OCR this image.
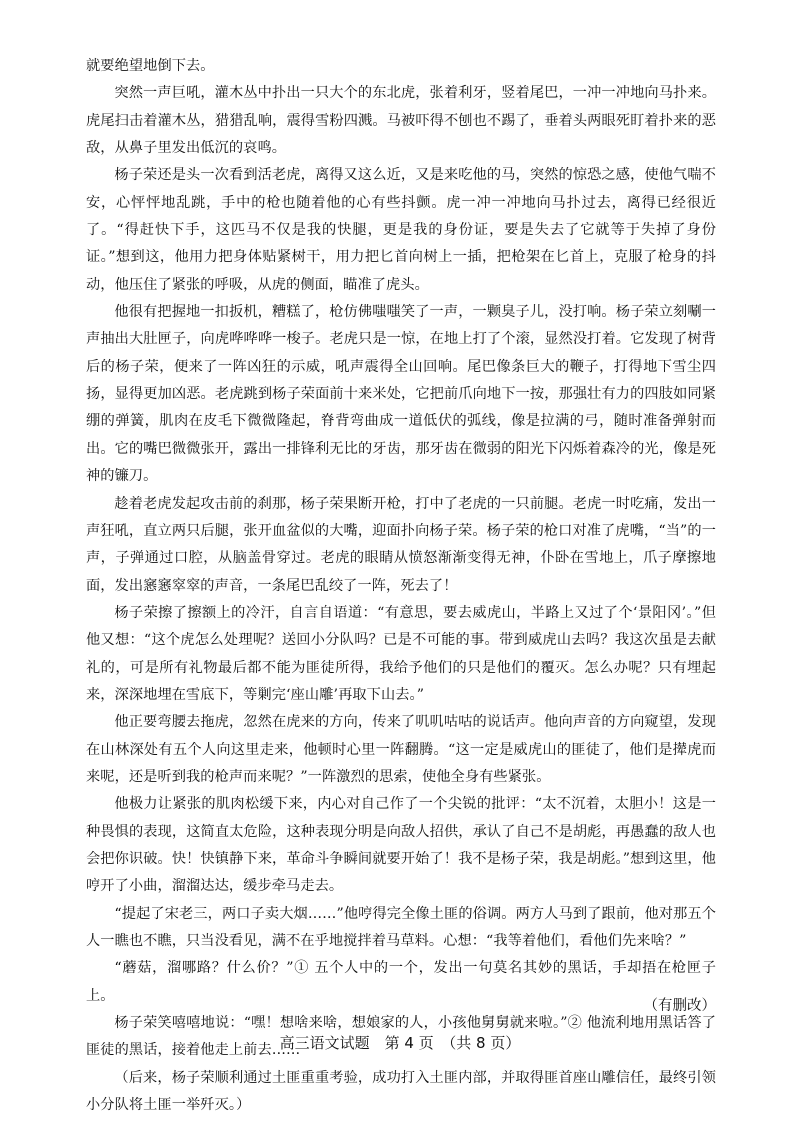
就要绝望地倒下去。

突然一声巨吼，灌木丛中扑出一只大个的东北虎，张着利牙，竖着尾巴，一冲一冲地向马扑来。虎尾扫击着灌木丛，猎猎乱响，震得雪粉四溅。马被吓得不刨也不踢了，垂着头两眼死盯着扑来的恶敌，从鼻子里发出低沉的哀鸣。

杨子荣还是头一次看到活老虎，离得又这么近，又是来吃他的马，突然的惊恐之感，使他气喘不安，心怦怦地乱跳，手中的枪也随着他的心有些抖颤。虎一冲一冲地向马扑过去，离得已经很近了。“得赶快下手，这匹马不仅是我的快腿，更是我的身份证，要是失去了它就等于失掉了身份证。”想到这，他用力把身体贴紧树干，用力把匕首向树上一插，把枪架在匕首上，克服了枪身的抖动，他压住了紧张的呼吸，从虎的侧面，瞄准了虎头。

他很有把握地一扣扳机，糟糕了，枪仿佛嗤嗤笑了一声，一颗臭子儿，没打响。杨子荣立刻唰一声抽出大肚匣子，向虎哗哗哗一梭子。老虎只是一惊，在地上打了个滚，显然没打着。它发现了树背后的杨子荣，便来了一阵凶狂的示威，吼声震得全山回响。尾巴像条巨大的鞭子，打得地下雪尘四扬，显得更加凶恶。老虎跳到杨子荣面前十来米处，它把前爪向地下一按，那强壮有力的四肢如同紧绷的弹簧，肌肉在皮毛下微微隆起，脊背弯曲成一道低伏的弧线，像是拉满的弓，随时准备弹射而出。它的嘴巴微微张开，露出一排锋利无比的牙齿，那牙齿在微弱的阳光下闪烁着森冷的光，像是死神的镰刀。

趁着老虎发起攻击前的刹那，杨子荣果断开枪，打中了老虎的一只前腿。老虎一时吃痛，发出一声狂吼，直立两只后腿，张开血盆似的大嘴，迎面扑向杨子荣。杨子荣的枪口对准了虎嘴，“当”的一声，子弹通过口腔，从脑盖骨穿过。老虎的眼睛从愤怒渐渐变得无神，仆卧在雪地上，爪子摩擦地面，发出窸窸窣窣的声音，一条尾巴乱绞了一阵，死去了！

杨子荣擦了擦额上的冷汗，自言自语道：“有意思，要去威虎山，半路上又过了个‘景阳冈’。”但他又想：“这个虎怎么处理呢？送回小分队吗？已是不可能的事。带到威虎山去吗？我这次虽是去献礼的，可是所有礼物最后都不能为匪徒所得，我给予他们的只是他们的覆灭。怎么办呢？只有埋起来，深深地埋在雪底下，等剿完‘座山雕’再取下山去。”

他正要弯腰去拖虎，忽然在虎来的方向，传来了叽叽咕咕的说话声。他向声音的方向窥望，发现在山林深处有五个人向这里走来，他顿时心里一阵翻腾。“这一定是威虎山的匪徒了，他们是撵虎而来呢，还是听到我的枪声而来呢？”一阵激烈的思索，使他全身有些紧张。

他极力让紧张的肌肉松缓下来，内心对自己作了一个尖锐的批评：“太不沉着，太胆小！这是一种畏惧的表现，这简直太危险，这种表现分明是向敌人招供，承认了自己不是胡彪，再愚蠢的敌人也会把你识破。快！快镇静下来，革命斗争瞬间就要开始了！我不是杨子荣，我是胡彪。”想到这里，他哼开了小曲，溜溜达达，缓步牵马走去。

“提起了宋老三，两口子卖大烟……”他哼得完全像土匪的俗调。两方人马到了跟前，他对那五个人一瞧也不瞧，只当没看见，满不在乎地搅拌着马草料。心想：“我等着他们，看他们先来啥？”

“蘑菇，溜哪路？什么价？”① 五个人中的一个，发出一句莫名其妙的黑话，手却捂在枪匣子上。

杨子荣笑嘻嘻地说：“嘿！想啥来啥，想娘家的人，小孩他舅舅就来啦。”② 他流利地用黑话答了匪徒的黑话，接着他走上前去……

（后来，杨子荣顺利通过土匪重重考验，成功打入土匪内部，并取得匪首座山雕信任，最终引领小分队将土匪一举歼灭。）

（有删改）
高三语文试题　第 4 页　（共 8 页）
